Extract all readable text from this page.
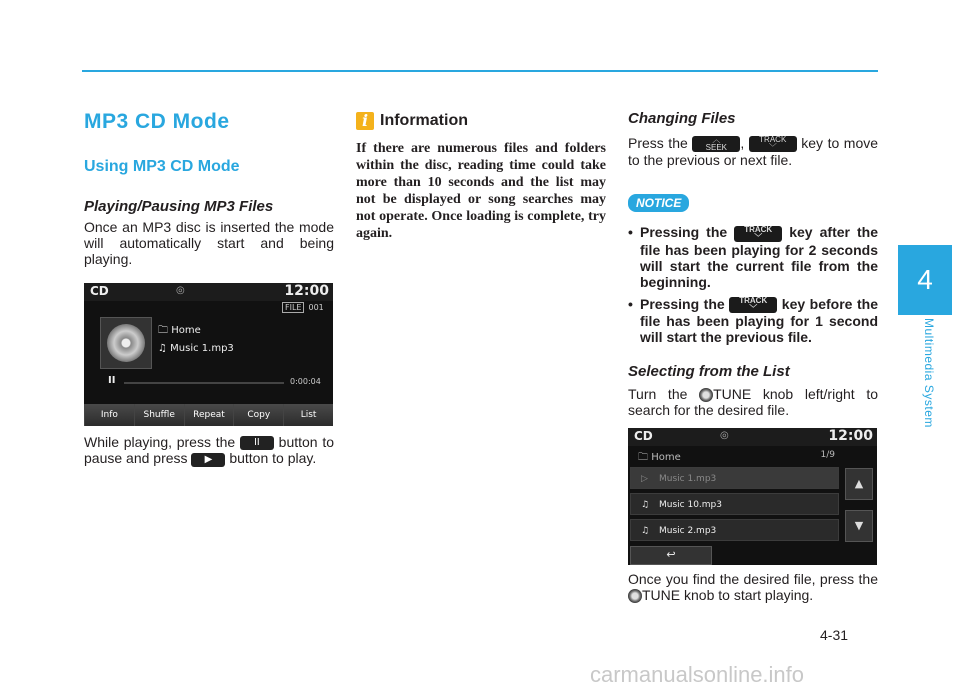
4
Multimedia System
4-31
carmanualsonline.info
MP3 CD Mode
Using MP3 CD Mode
Playing/Pausing MP3 Files

Once an MP3 disc is inserted the mode will automatically start and being playing.

CD	◎	12:00
FILE 001
🗀 Home
♫ Music 1.mp3
II	0:00:04
Info	Shuffle	Repeat	Copy	List

While playing, press the II button to pause and press ▶ button to play.

i Information

If there are numerous files and folders within the disc, reading time could take more than 10 seconds and the list may not be displayed or song searches may not operate. Once loading is complete, try again.

Changing Files

Press the	︿
SEEK , TRACK
﹀ key to move to the previous or next file.

NOTICE
• Pressing the TRACK
﹀ key after the file has been playing for 2 seconds will start the current file from the beginning.
• Pressing the TRACK
﹀ key before the file has been playing for 1 second will start the previous file.
Selecting from the List

Turn the TUNE knob left/right to search for the desired file.

CD	◎	12:00
🗀 Home	1/9
▷ Music 1.mp3
♫ Music 10.mp3
♫ Music 2.mp3
▲
▼
↩

Once you find the desired file, press the TUNE knob to start playing.
